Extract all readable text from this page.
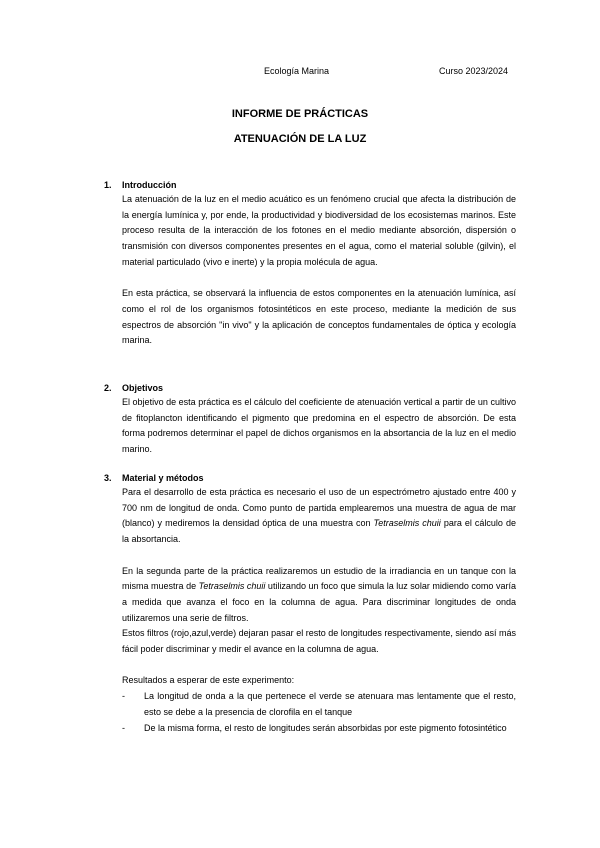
Ecología Marina	Curso 2023/2024
INFORME DE PRÁCTICAS
ATENUACIÓN DE LA LUZ
1. Introducción

La atenuación de la luz en el medio acuático es un fenómeno crucial que afecta la distribución de la energía lumínica y, por ende, la productividad y biodiversidad de los ecosistemas marinos. Este proceso resulta de la interacción de los fotones en el medio mediante absorción, dispersión o transmisión con diversos componentes presentes en el agua, como el material soluble (gilvin), el material particulado (vivo e inerte) y la propia molécula de agua.

En esta práctica, se observará la influencia de estos componentes en la atenuación lumínica, así como el rol de los organismos fotosintéticos en este proceso, mediante la medición de sus espectros de absorción "in vivo" y la aplicación de conceptos fundamentales de óptica y ecología marina.

2. Objetivos

El objetivo de esta práctica es el cálculo del coeficiente de atenuación vertical a partir de un cultivo de fitoplancton identificando el pigmento que predomina en el espectro de absorción. De esta forma podremos determinar el papel de dichos organismos en la absortancia de la luz en el medio marino.

3. Material y métodos

Para el desarrollo de esta práctica es necesario el uso de un espectrómetro ajustado entre 400 y 700 nm de longitud de onda. Como punto de partida emplearemos una muestra de agua de mar (blanco) y mediremos la densidad óptica de una muestra con Tetraselmis chuii para el cálculo de la absortancia.

En la segunda parte de la práctica realizaremos un estudio de la irradiancia en un tanque con la misma muestra de Tetraselmis chuii utilizando un foco que simula la luz solar midiendo como varía a medida que avanza el foco en la columna de agua. Para discriminar longitudes de onda utilizaremos una serie de filtros.

Estos filtros (rojo,azul,verde) dejaran pasar el resto de longitudes respectivamente, siendo así más fácil poder discriminar y medir el avance en la columna de agua.

Resultados a esperar de este experimento:

- La longitud de onda a la que pertenece el verde se atenuara mas lentamente que el resto, esto se debe a la presencia de clorofila en el tanque
- De la misma forma, el resto de longitudes serán absorbidas por este pigmento fotosintético
